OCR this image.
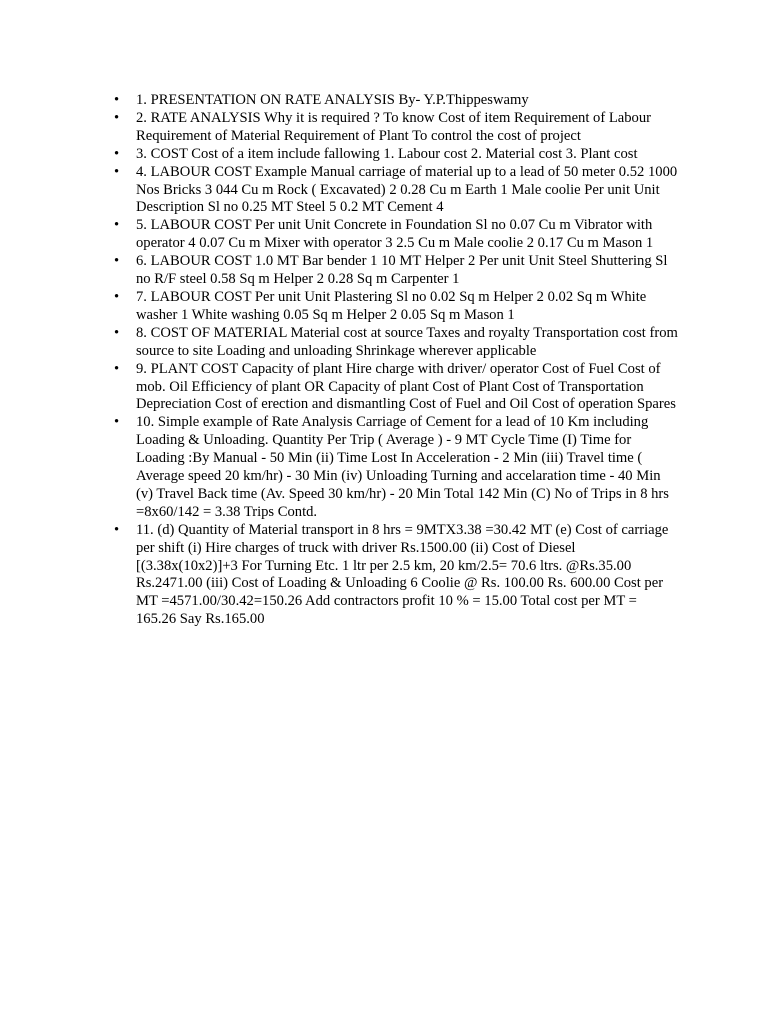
•	1. PRESENTATION ON RATE ANALYSIS By- Y.P.Thippeswamy
•	2. RATE ANALYSIS Why it is required ? To know Cost of item Requirement of Labour Requirement of Material Requirement of Plant To control the cost of project
•	3. COST Cost of a item include fallowing 1. Labour cost 2. Material cost 3. Plant cost
•	4. LABOUR COST Example Manual carriage of material up to a lead of 50 meter 0.52 1000 Nos Bricks 3 044 Cu m Rock ( Excavated) 2 0.28 Cu m Earth 1 Male coolie Per unit Unit Description Sl no 0.25 MT Steel 5 0.2 MT Cement 4
•	5. LABOUR COST Per unit Unit Concrete in Foundation Sl no 0.07 Cu m Vibrator with operator 4 0.07 Cu m Mixer with operator 3 2.5 Cu m Male coolie 2 0.17 Cu m Mason 1
•	6. LABOUR COST 1.0 MT Bar bender 1 10 MT Helper 2 Per unit Unit Steel Shuttering Sl no R/F steel 0.58 Sq m Helper 2 0.28 Sq m Carpenter 1
•	7. LABOUR COST Per unit Unit Plastering Sl no 0.02 Sq m Helper 2 0.02 Sq m White washer 1 White washing 0.05 Sq m Helper 2 0.05 Sq m Mason 1
•	8. COST OF MATERIAL Material cost at source Taxes and royalty Transportation cost from source to site Loading and unloading Shrinkage wherever applicable
•	9. PLANT COST Capacity of plant Hire charge with driver/ operator Cost of Fuel Cost of mob. Oil Efficiency of plant OR Capacity of plant Cost of Plant Cost of Transportation Depreciation Cost of erection and dismantling Cost of Fuel and Oil Cost of operation Spares
•	10. Simple example of Rate Analysis Carriage of Cement for a lead of 10 Km including Loading & Unloading. Quantity Per Trip ( Average ) - 9 MT Cycle Time (I) Time for Loading :By Manual - 50 Min (ii) Time Lost In Acceleration - 2 Min (iii) Travel time ( Average speed 20 km/hr) - 30 Min (iv) Unloading Turning and accelaration time - 40 Min (v) Travel Back time (Av. Speed 30 km/hr) - 20 Min Total 142 Min (C) No of Trips in 8 hrs =8x60/142 = 3.38 Trips Contd.
•	11. (d) Quantity of Material transport in 8 hrs = 9MTX3.38 =30.42 MT (e) Cost of carriage per shift (i) Hire charges of truck with driver Rs.1500.00 (ii) Cost of Diesel [(3.38x(10x2)]+3 For Turning Etc. 1 ltr per 2.5 km, 20 km/2.5= 70.6 ltrs. @Rs.35.00 Rs.2471.00 (iii) Cost of Loading & Unloading 6 Coolie @ Rs. 100.00 Rs. 600.00 Cost per MT =4571.00/30.42=150.26 Add contractors profit 10 % = 15.00 Total cost per MT = 165.26 Say Rs.165.00
